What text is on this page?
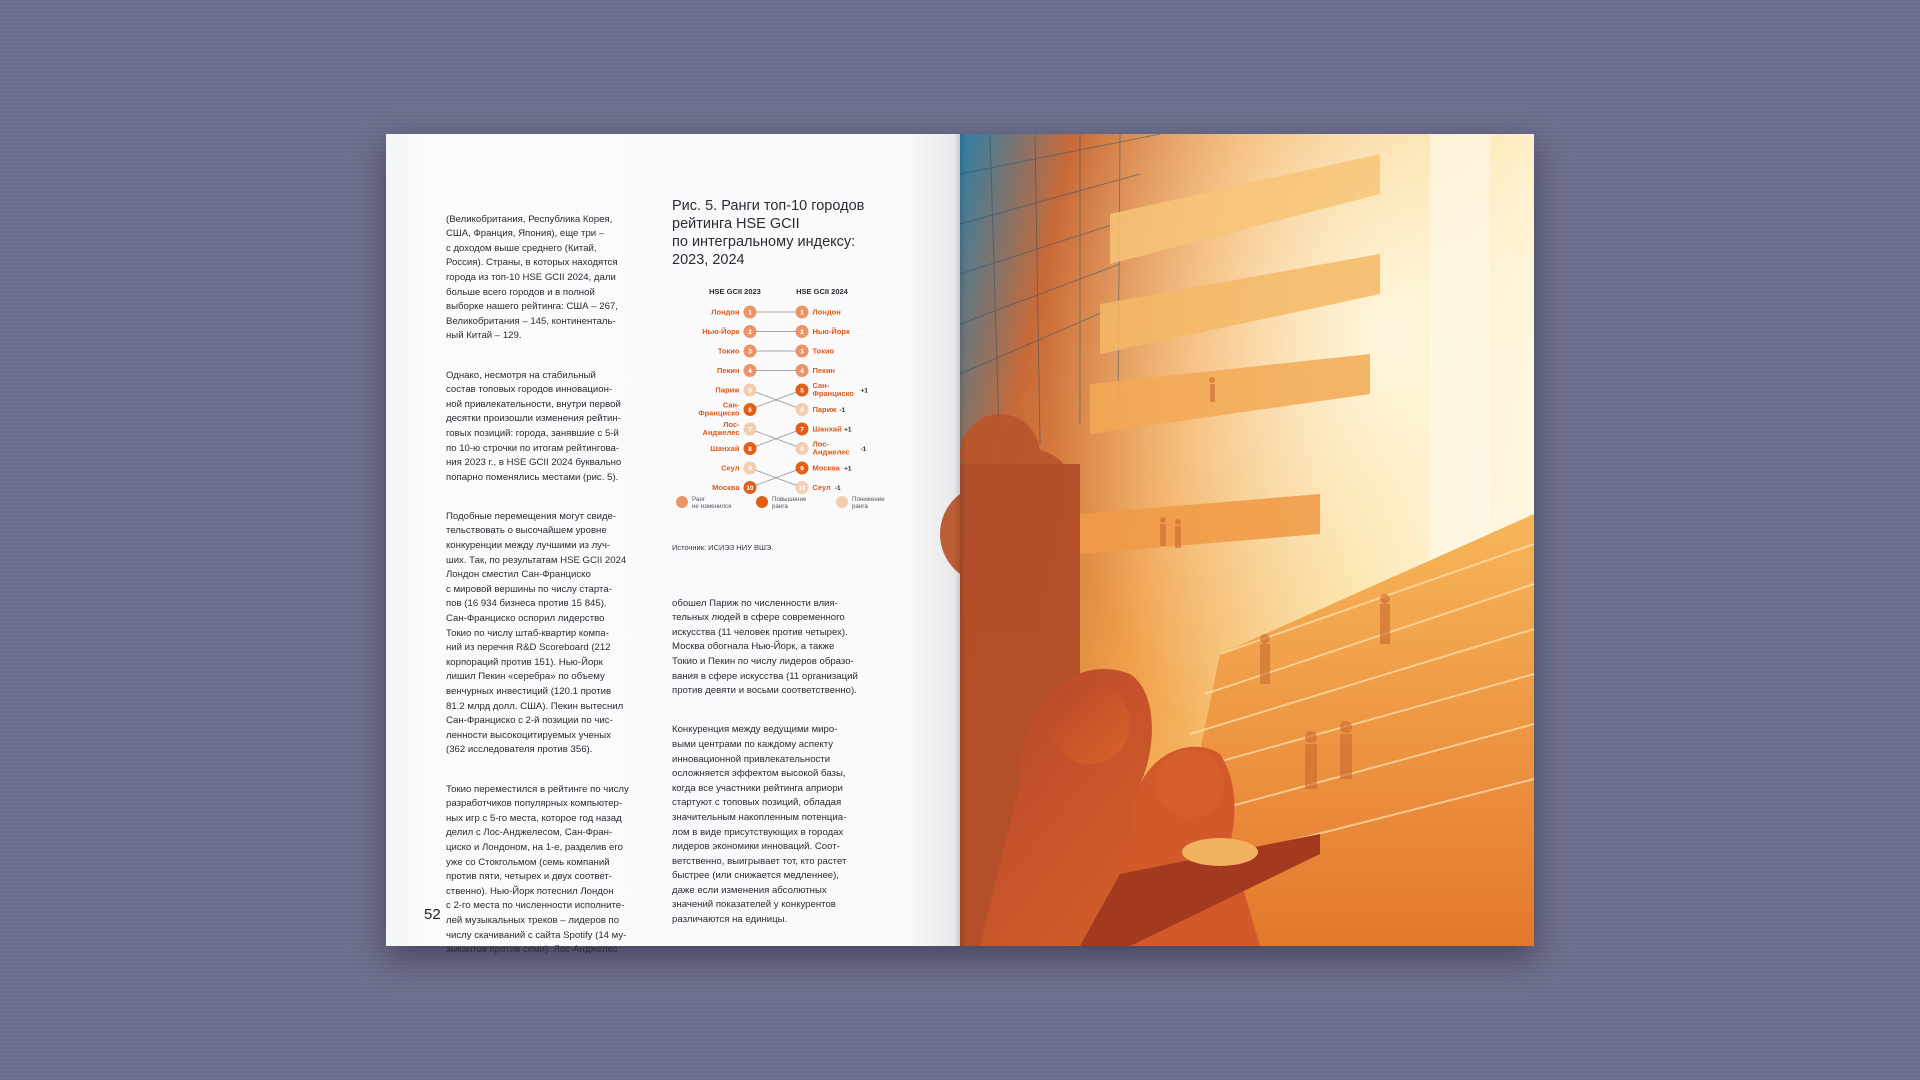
(Великобритания, Республика Корея,
США, Франция, Япония), еще три –
с доходом выше среднего (Китай,
Россия). Страны, в которых находятся
города из топ-10 HSE GCII 2024, дали
больше всего городов и в полной
выборке нашего рейтинга: США – 267,
Великобритания – 145, континенталь-
ный Китай – 129.

Однако, несмотря на стабильный
состав топовых городов инновацион-
ной привлекательности, внутри первой
десятки произошли изменения рейтин-
говых позиций: города, занявшие с 5-й
по 10-ю строчки по итогам рейтингова-
ния 2023 г., в HSE GCII 2024 буквально
попарно поменялись местами (рис. 5).

Подобные перемещения могут свиде-
тельствовать о высочайшем уровне
конкуренции между лучшими из луч-
ших. Так, по результатам HSE GCII 2024
Лондон сместил Сан-Франциско
с мировой вершины по числу стартa-
пов (16 934 бизнеса против 15 845).
Сан-Франциско оспорил лидерство
Токио по числу штаб-квартир компа-
ний из перечня R&D Scoreboard (212
корпораций против 151). Нью-Йорк
лишил Пекин «серебра» по объему
венчурных инвестиций (120.1 против
81.2 млрд долл. США). Пекин вытеснил
Сан-Франциско с 2-й позиции по чис-
ленности высокоцитируемых ученых
(362 исследователя против 356).

Токио переместился в рейтинге по числу
разработчиков популярных компьютер-
ных игр с 5-го места, которое год назад
делил с Лос-Анджелесом, Сан-Фран-
циско и Лондоном, на 1-е, разделив его
уже со Стокгольмом (семь компаний
против пяти, четырех и двух соответ-
ственно). Нью-Йорк потеснил Лондон
с 2-го места по численности исполните-
лей музыкальных треков – лидеров по
числу скачиваний с сайта Spotify (14 му-
зыкантов против семи). Лос-Анджелес

Рис. 5. Ранги топ-10 городов
рейтинга HSE GCII
по интегральному индексу:
2023, 2024
HSE GCII 2023	HSE GCII 2024
1
Лондон
2
Нью-Йорк
3
Токио
4
Пекин
5
Париж
6
Сан-
Франциско
7
Лос-
Анджелес
8
Шанхай
9
Сеул
10
Москва
1 Лондон
2 Нью-Йорк
3 Токио
4 Пекин
5
Сан-
Франциско +1
6 Париж -1
7 Шанхай +1
8
Лос-
Анджелес -1
9 Москва +1
10 Сеул -1
Ранг
не изменился
Повышение
ранга
Понижение
ранга
Источник: ИСИЭЗ НИУ ВШЭ.

обошел Париж по численности влия-
тельных людей в сфере современного
искусства (11 человек против четырех).
Москва обогнала Нью-Йорк, а также
Токио и Пекин по числу лидеров образо-
вания в сфере искусства (11 организаций
против девяти и восьми соответственно).

Конкуренция между ведущими миро-
выми центрами по каждому аспекту
инновационной привлекательности
осложняется эффектом высокой базы,
когда все участники рейтинга априори
стартуют с топовых позиций, обладая
значительным накопленным потенциа-
лом в виде присутствующих в городах
лидеров экономики инноваций. Соот-
ветственно, выигрывает тот, кто растет
быстрее (или снижается медленнее),
даже если изменения абсолютных
значений показателей у конкурентов
различаются на единицы.

52
